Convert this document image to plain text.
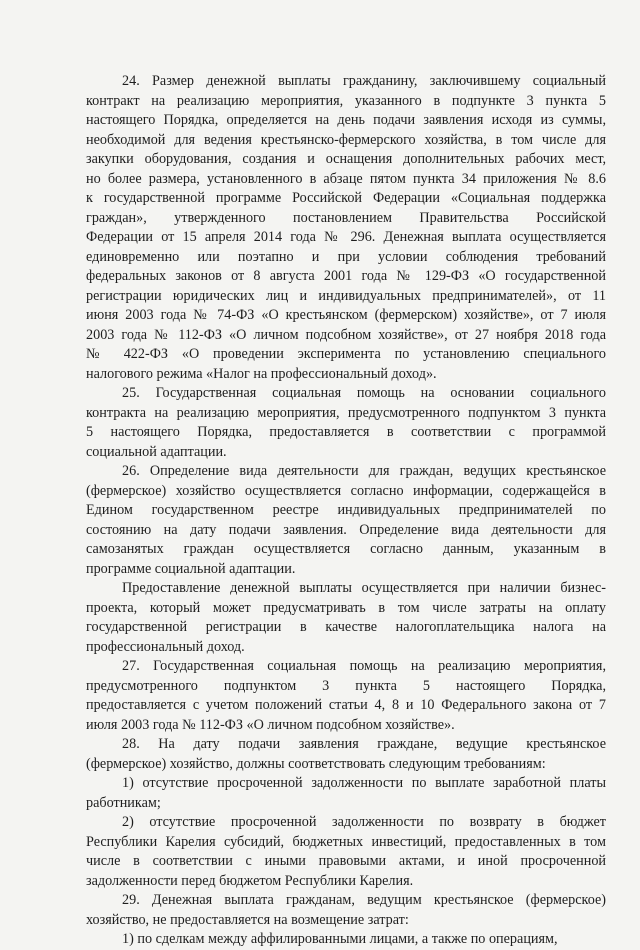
24. Размер денежной выплаты гражданину, заключившему социальный
контракт на реализацию мероприятия, указанного в подпункте 3 пункта 5
настоящего Порядка, определяется на день подачи заявления исходя из суммы,
необходимой для ведения крестьянско-фермерского хозяйства, в том числе для
закупки оборудования, создания и оснащения дополнительных рабочих мест,
но более размера, установленного в абзаце пятом пункта 34 приложения № 8.6
к государственной программе Российской Федерации «Социальная поддержка
граждан», утвержденного постановлением Правительства Российской
Федерации от 15 апреля 2014 года № 296. Денежная выплата осуществляется
единовременно или поэтапно и при условии соблюдения требований
федеральных законов от 8 августа 2001 года № 129-ФЗ «О государственной
регистрации юридических лиц и индивидуальных предпринимателей», от 11
июня 2003 года № 74-ФЗ «О крестьянском (фермерском) хозяйстве», от 7 июля
2003 года № 112-ФЗ «О личном подсобном хозяйстве», от 27 ноября 2018 года
№ 422-ФЗ «О проведении эксперимента по установлению специального
налогового режима «Налог на профессиональный доход».
25. Государственная социальная помощь на основании социального
контракта на реализацию мероприятия, предусмотренного подпунктом 3 пункта
5 настоящего Порядка, предоставляется в соответствии с программой
социальной адаптации.
26. Определение вида деятельности для граждан, ведущих крестьянское
(фермерское) хозяйство осуществляется согласно информации, содержащейся в
Едином государственном реестре индивидуальных предпринимателей по
состоянию на дату подачи заявления. Определение вида деятельности для
самозанятых граждан осуществляется согласно данным, указанным в
программе социальной адаптации.
Предоставление денежной выплаты осуществляется при наличии бизнес-
проекта, который может предусматривать в том числе затраты на оплату
государственной регистрации в качестве налогоплательщика налога на
профессиональный доход.
27. Государственная социальная помощь на реализацию мероприятия,
предусмотренного подпунктом 3 пункта 5 настоящего Порядка,
предоставляется с учетом положений статьи 4, 8 и 10 Федерального закона от 7
июля 2003 года № 112-ФЗ «О личном подсобном хозяйстве».
28. На дату подачи заявления граждане, ведущие крестьянское
(фермерское) хозяйство, должны соответствовать следующим требованиям:
1) отсутствие просроченной задолженности по выплате заработной платы
работникам;
2) отсутствие просроченной задолженности по возврату в бюджет
Республики Карелия субсидий, бюджетных инвестиций, предоставленных в том
числе в соответствии с иными правовыми актами, и иной просроченной
задолженности перед бюджетом Республики Карелия.
29. Денежная выплата гражданам, ведущим крестьянское (фермерское)
хозяйство, не предоставляется на возмещение затрат:
1) по сделкам между аффилированными лицами, а также по операциям,
